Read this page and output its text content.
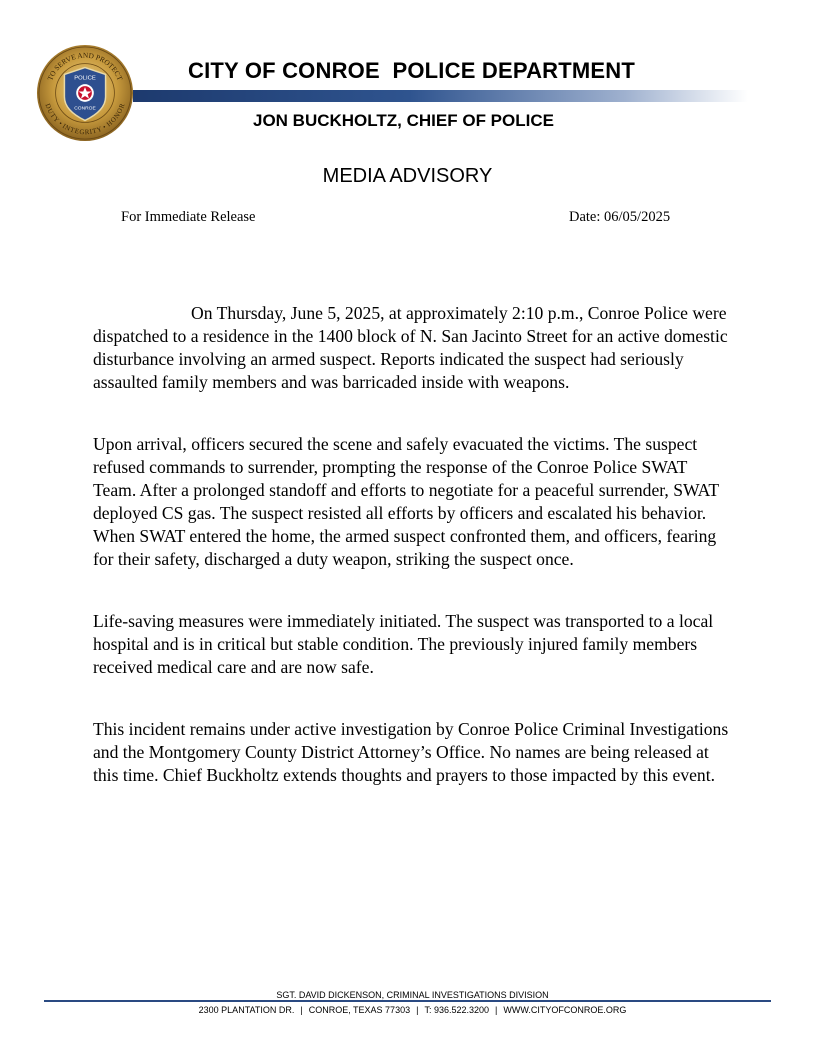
TO SERVE AND PROTECT
DUTY • INTEGRITY • HONOR
POLICE
CONROE
CITY OF CONROE  POLICE DEPARTMENT
JON BUCKHOLTZ, CHIEF OF POLICE
MEDIA ADVISORY
For Immediate Release	Date: 06/05/2025

On Thursday, June 5, 2025, at approximately 2:10 p.m., Conroe Police were dispatched to a residence in the 1400 block of N. San Jacinto Street for an active domestic disturbance involving an armed suspect. Reports indicated the suspect had seriously assaulted family members and was barricaded inside with weapons.

Upon arrival, officers secured the scene and safely evacuated the victims. The suspect refused commands to surrender, prompting the response of the Conroe Police SWAT Team. After a prolonged standoff and efforts to negotiate for a peaceful surrender, SWAT deployed CS gas. The suspect resisted all efforts by officers and escalated his behavior. When SWAT entered the home, the armed suspect confronted them, and officers, fearing for their safety, discharged a duty weapon, striking the suspect once.

Life-saving measures were immediately initiated. The suspect was transported to a local hospital and is in critical but stable condition. The previously injured family members received medical care and are now safe.

This incident remains under active investigation by Conroe Police Criminal Investigations and the Montgomery County District Attorney’s Office. No names are being released at this time. Chief Buckholtz extends thoughts and prayers to those impacted by this event.

SGT. DAVID DICKENSON, CRIMINAL INVESTIGATIONS DIVISION
2300 PLANTATION DR. | CONROE, TEXAS 77303 | T: 936.522.3200 | WWW.CITYOFCONROE.ORG
